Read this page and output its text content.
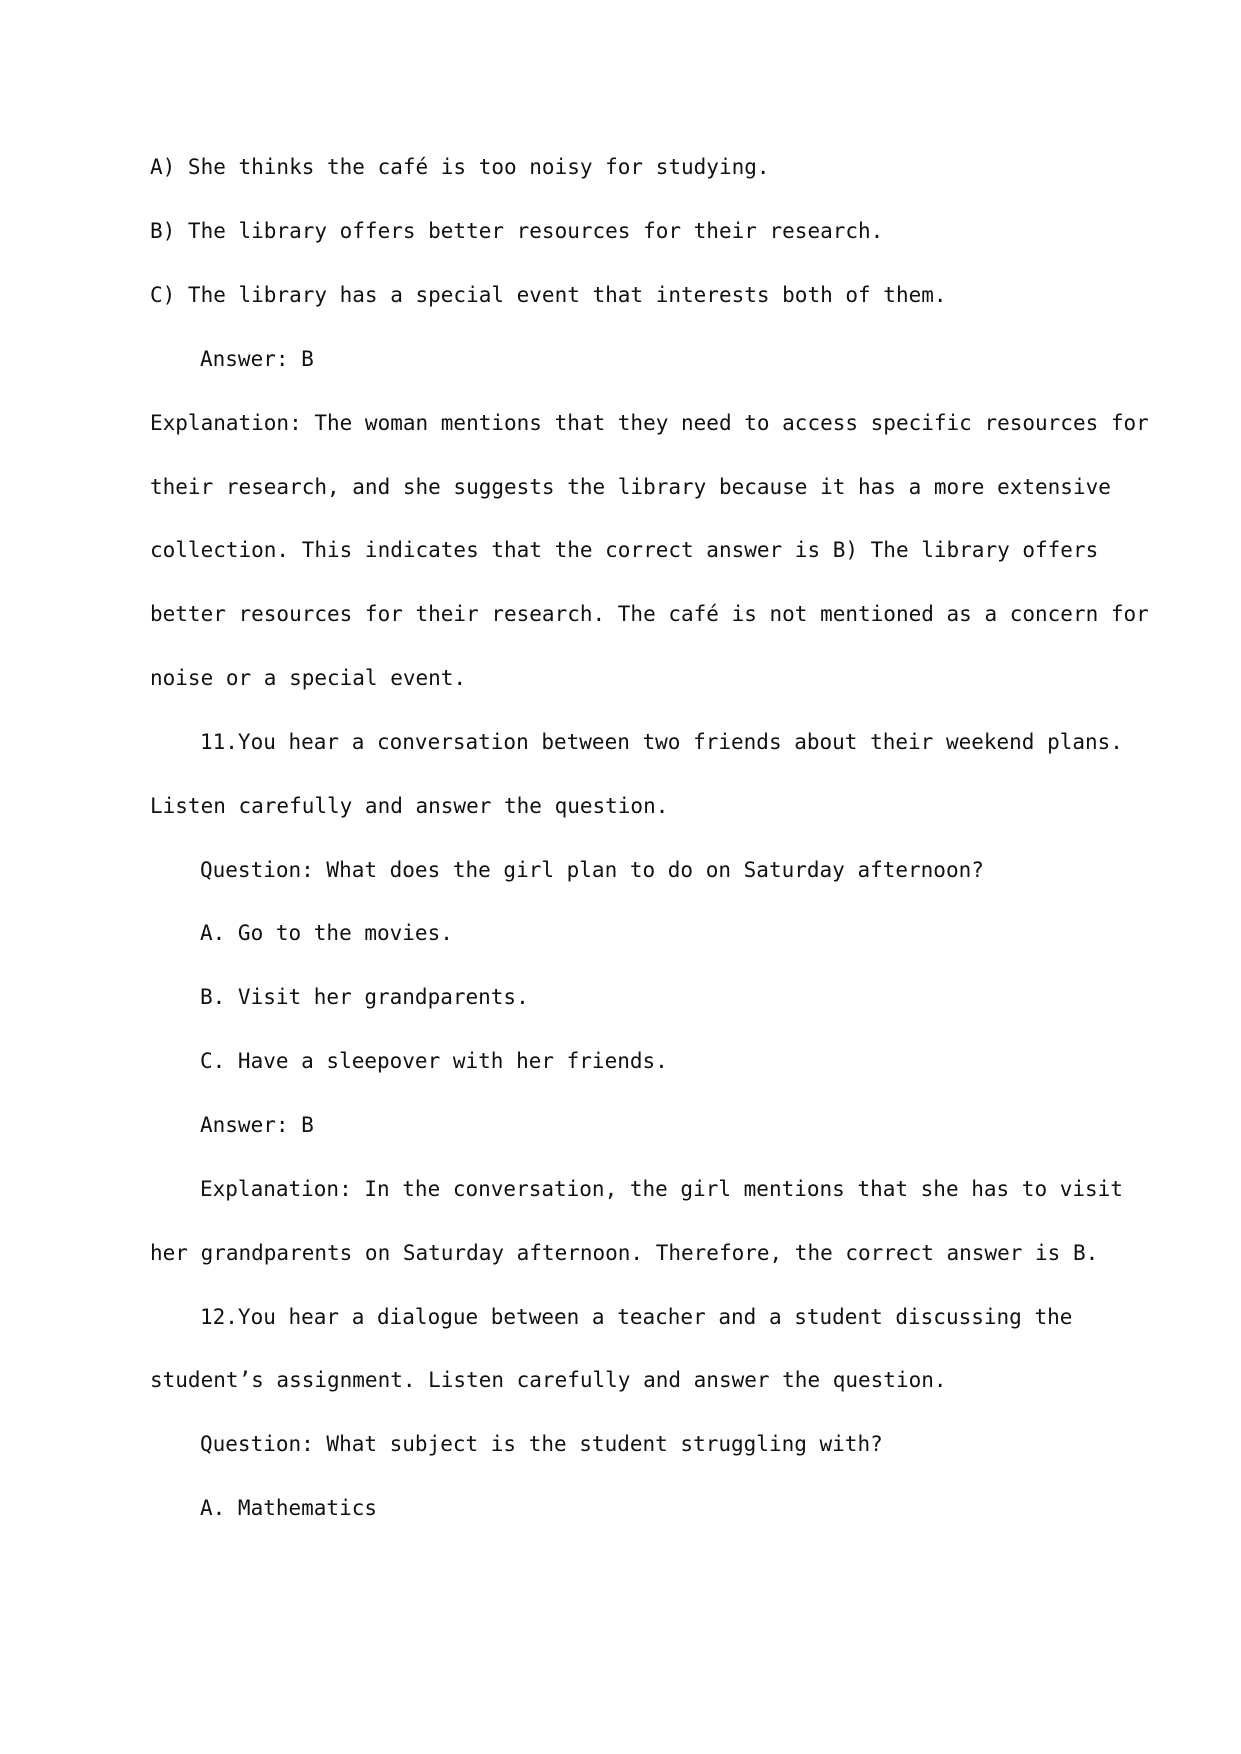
A) She thinks the café is too noisy for studying.

B) The library offers better resources for their research.

C) The library has a special event that interests both of them.

Answer: B

Explanation: The woman mentions that they need to access specific resources for

their research, and she suggests the library because it has a more extensive

collection. This indicates that the correct answer is B) The library offers

better resources for their research. The café is not mentioned as a concern for

noise or a special event.

11.You hear a conversation between two friends about their weekend plans.

Listen carefully and answer the question.

Question: What does the girl plan to do on Saturday afternoon?

A. Go to the movies.

B. Visit her grandparents.

C. Have a sleepover with her friends.

Answer: B

Explanation: In the conversation, the girl mentions that she has to visit

her grandparents on Saturday afternoon. Therefore, the correct answer is B.

12.You hear a dialogue between a teacher and a student discussing the

student’s assignment. Listen carefully and answer the question.

Question: What subject is the student struggling with?

A. Mathematics
